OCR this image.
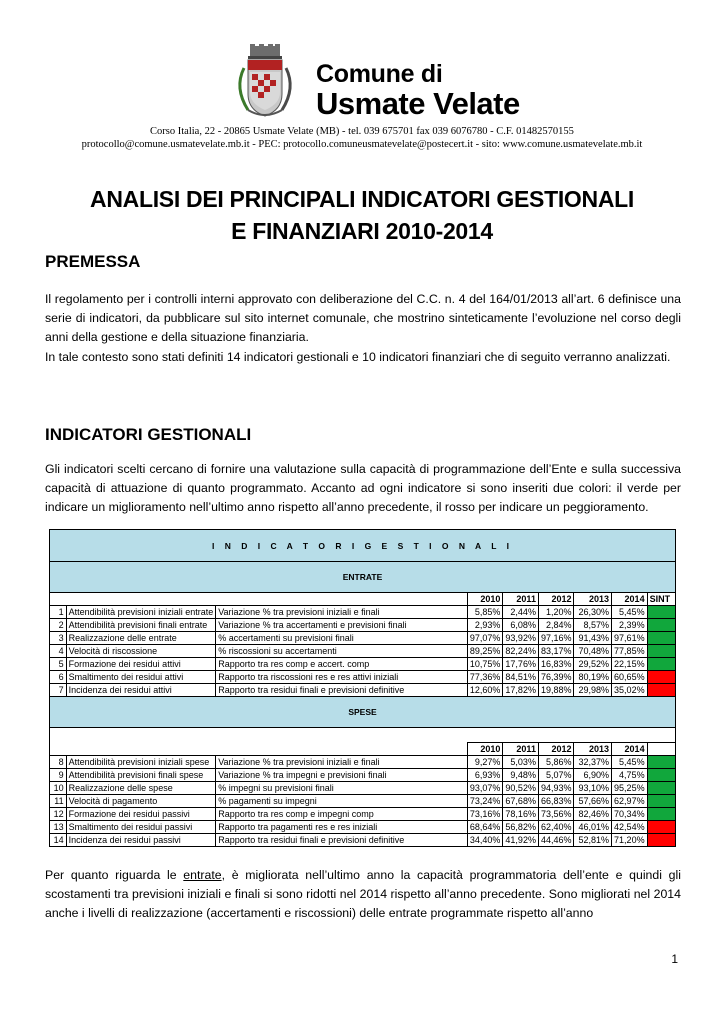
Comune di
Usmate Velate
Corso Italia, 22 - 20865 Usmate Velate (MB) - tel. 039 675701 fax 039 6076780 - C.F. 01482570155
protocollo@comune.usmatevelate.mb.it - PEC: protocollo.comuneusmatevelate@postecert.it - sito: www.comune.usmatevelate.mb.it
ANALISI DEI PRINCIPALI INDICATORI GESTIONALI
E FINANZIARI 2010-2014
PREMESSA
Il regolamento per i controlli interni approvato con deliberazione del C.C. n. 4 del 164/01/2013 all’art. 6 definisce una serie di indicatori, da pubblicare sul sito internet comunale, che mostrino sinteticamente l’evoluzione nel corso degli anni della gestione e della situazione finanziaria.
In tale contesto sono stati definiti 14 indicatori gestionali e 10 indicatori finanziari che di seguito verranno analizzati.
INDICATORI GESTIONALI
Gli indicatori scelti cercano di fornire una valutazione sulla capacità di programmazione dell’Ente e sulla successiva capacità di attuazione di quanto programmato. Accanto ad ogni indicatore si sono inseriti due colori: il verde per indicare un miglioramento nell’ultimo anno rispetto all’anno precedente, il rosso per indicare un peggioramento.
I N D I C A T O R I G E S T I O N A L I								
ENTRATE								
			2010	2011	2012	2013	2014	SINT
1	Attendibilità previsioni iniziali entrate	Variazione % tra previsioni iniziali e finali	5,85%	2,44%	1,20%	26,30%	5,45%	
2	Attendibilità previsioni finali entrate	Variazione % tra accertamenti e previsioni finali	2,93%	6,08%	2,84%	8,57%	2,39%	
3	Realizzazione delle entrate	% accertamenti su previsioni finali	97,07%	93,92%	97,16%	91,43%	97,61%	
4	Velocità di riscossione	% riscossioni su accertamenti	89,25%	82,24%	83,17%	70,48%	77,85%	
5	Formazione dei residui attivi	Rapporto tra res comp e accert. comp	10,75%	17,76%	16,83%	29,52%	22,15%	
6	Smaltimento dei residui attivi	Rapporto tra riscossioni res e res attivi iniziali	77,36%	84,51%	76,39%	80,19%	60,65%	
7	Incidenza dei residui attivi	Rapporto tra residui finali e previsioni definitive	12,60%	17,82%	19,88%	29,98%	35,02%	
SPESE								

			2010	2011	2012	2013	2014	
8	Attendibilità previsioni iniziali spese	Variazione % tra previsioni iniziali e finali	9,27%	5,03%	5,86%	32,37%	5,45%	
9	Attendibilità previsioni finali spese	Variazione % tra impegni e previsioni finali	6,93%	9,48%	5,07%	6,90%	4,75%	
10	Realizzazione delle spese	% impegni su previsioni finali	93,07%	90,52%	94,93%	93,10%	95,25%	
11	Velocità di pagamento	% pagamenti su impegni	73,24%	67,68%	66,83%	57,66%	62,97%	
12	Formazione dei residui passivi	Rapporto tra res comp e impegni comp	73,16%	78,16%	73,56%	82,46%	70,34%	
13	Smaltimento dei residui passivi	Rapporto tra pagamenti res e res iniziali	68,64%	56,82%	62,40%	46,01%	42,54%	
14	Incidenza dei residui passivi	Rapporto tra residui finali e previsioni definitive	34,40%	41,92%	44,46%	52,81%	71,20%	
Per quanto riguarda le entrate, è migliorata nell’ultimo anno la capacità programmatoria dell’ente e quindi gli scostamenti tra previsioni iniziali e finali si sono ridotti nel 2014 rispetto all’anno precedente. Sono migliorati nel 2014 anche i livelli di realizzazione (accertamenti e riscossioni) delle entrate programmate rispetto all’anno
1
